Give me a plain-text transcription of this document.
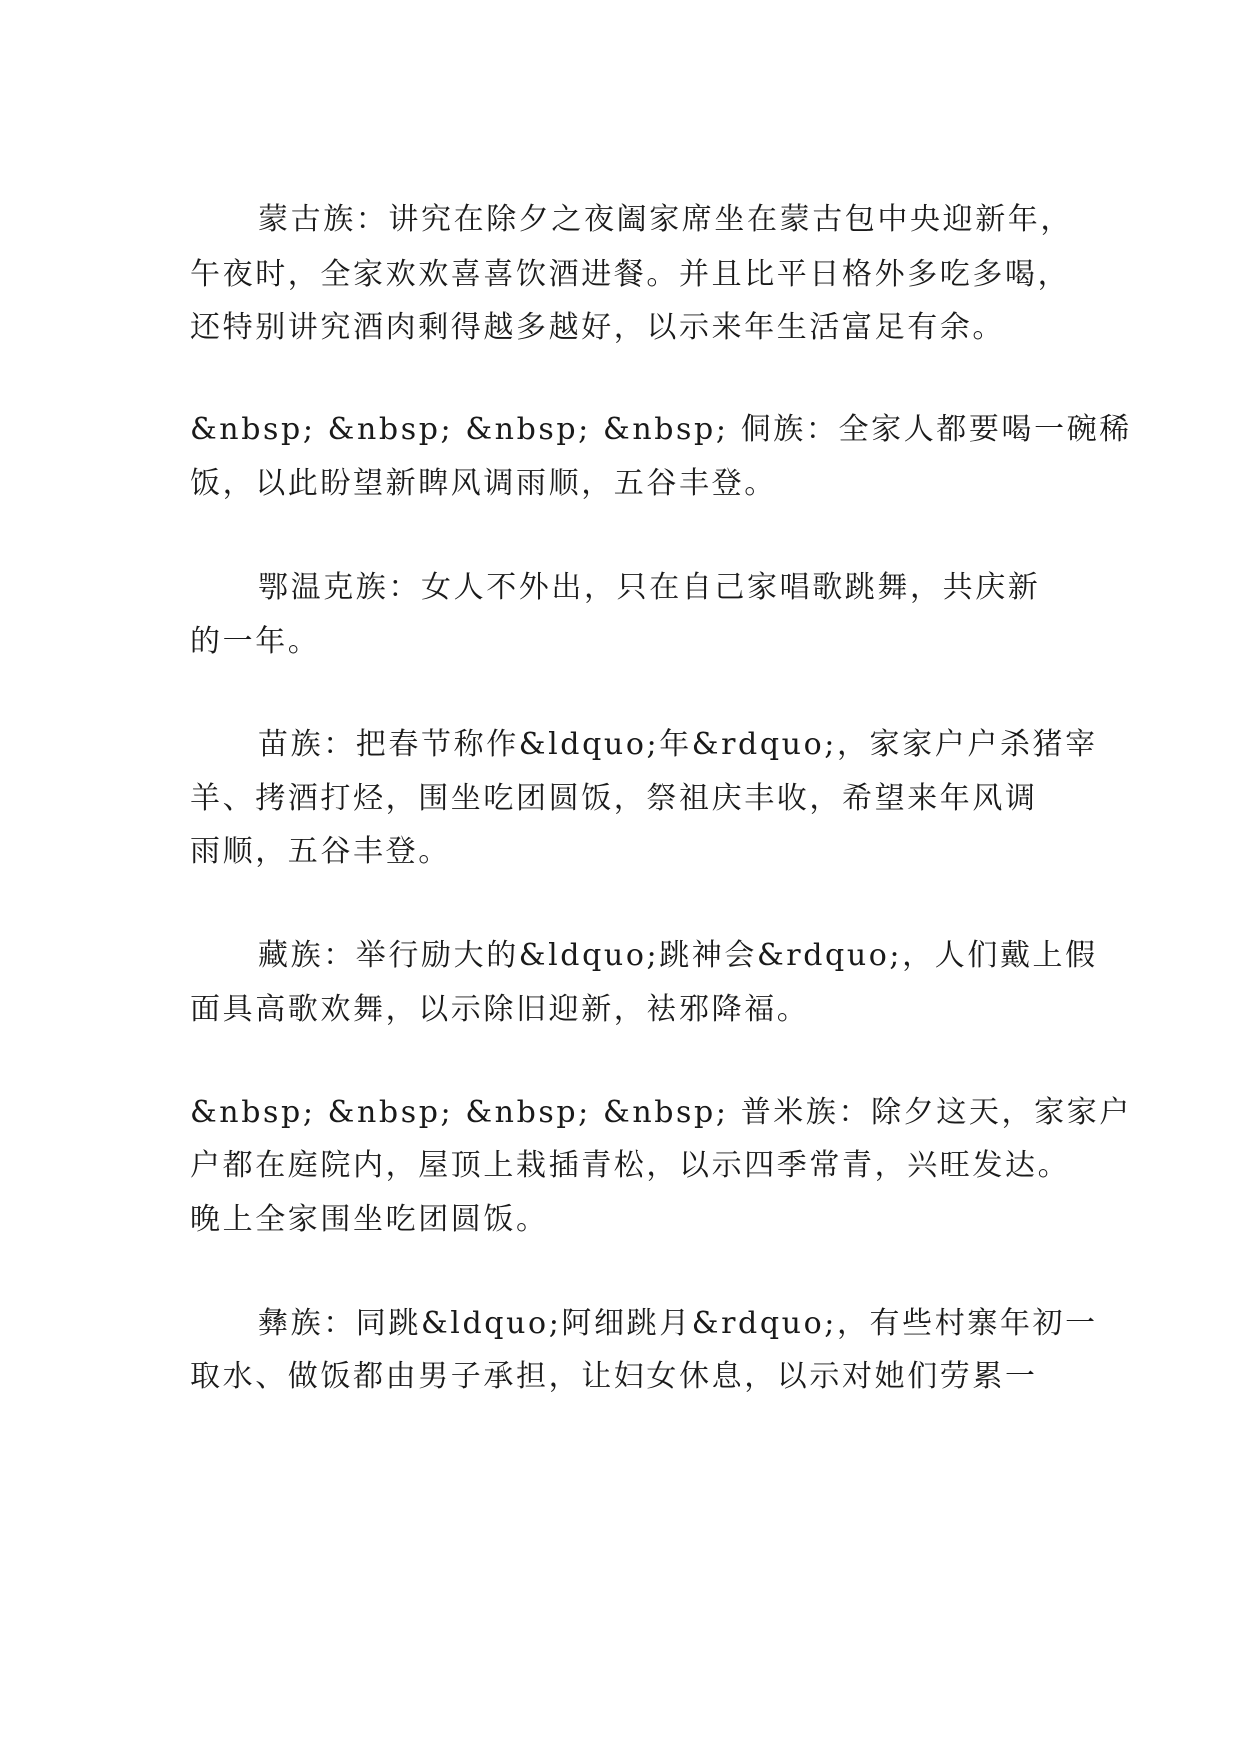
蒙古族：讲究在除夕之夜阖家席坐在蒙古包中央迎新年，
午夜时，全家欢欢喜喜饮酒进餐。并且比平日格外多吃多喝，
还特别讲究酒肉剩得越多越好，以示来年生活富足有余。
&nbsp; &nbsp; &nbsp; &nbsp; 侗族：全家人都要喝一碗稀
饭，以此盼望新睥风调雨顺，五谷丰登。
鄂温克族：女人不外出，只在自己家唱歌跳舞，共庆新
的一年。
苗族：把春节称作&ldquo;年&rdquo;，家家户户杀猪宰
羊、拷酒打烃，围坐吃团圆饭，祭祖庆丰收，希望来年风调
雨顺，五谷丰登。
藏族：举行励大的&ldquo;跳神会&rdquo;，人们戴上假
面具高歌欢舞，以示除旧迎新，袪邪降福。
&nbsp; &nbsp; &nbsp; &nbsp; 普米族：除夕这天，家家户
户都在庭院内，屋顶上栽插青松，以示四季常青，兴旺发达。
晚上全家围坐吃团圆饭。
彝族：同跳&ldquo;阿细跳月&rdquo;，有些村寨年初一
取水、做饭都由男子承担，让妇女休息，以示对她们劳累一
